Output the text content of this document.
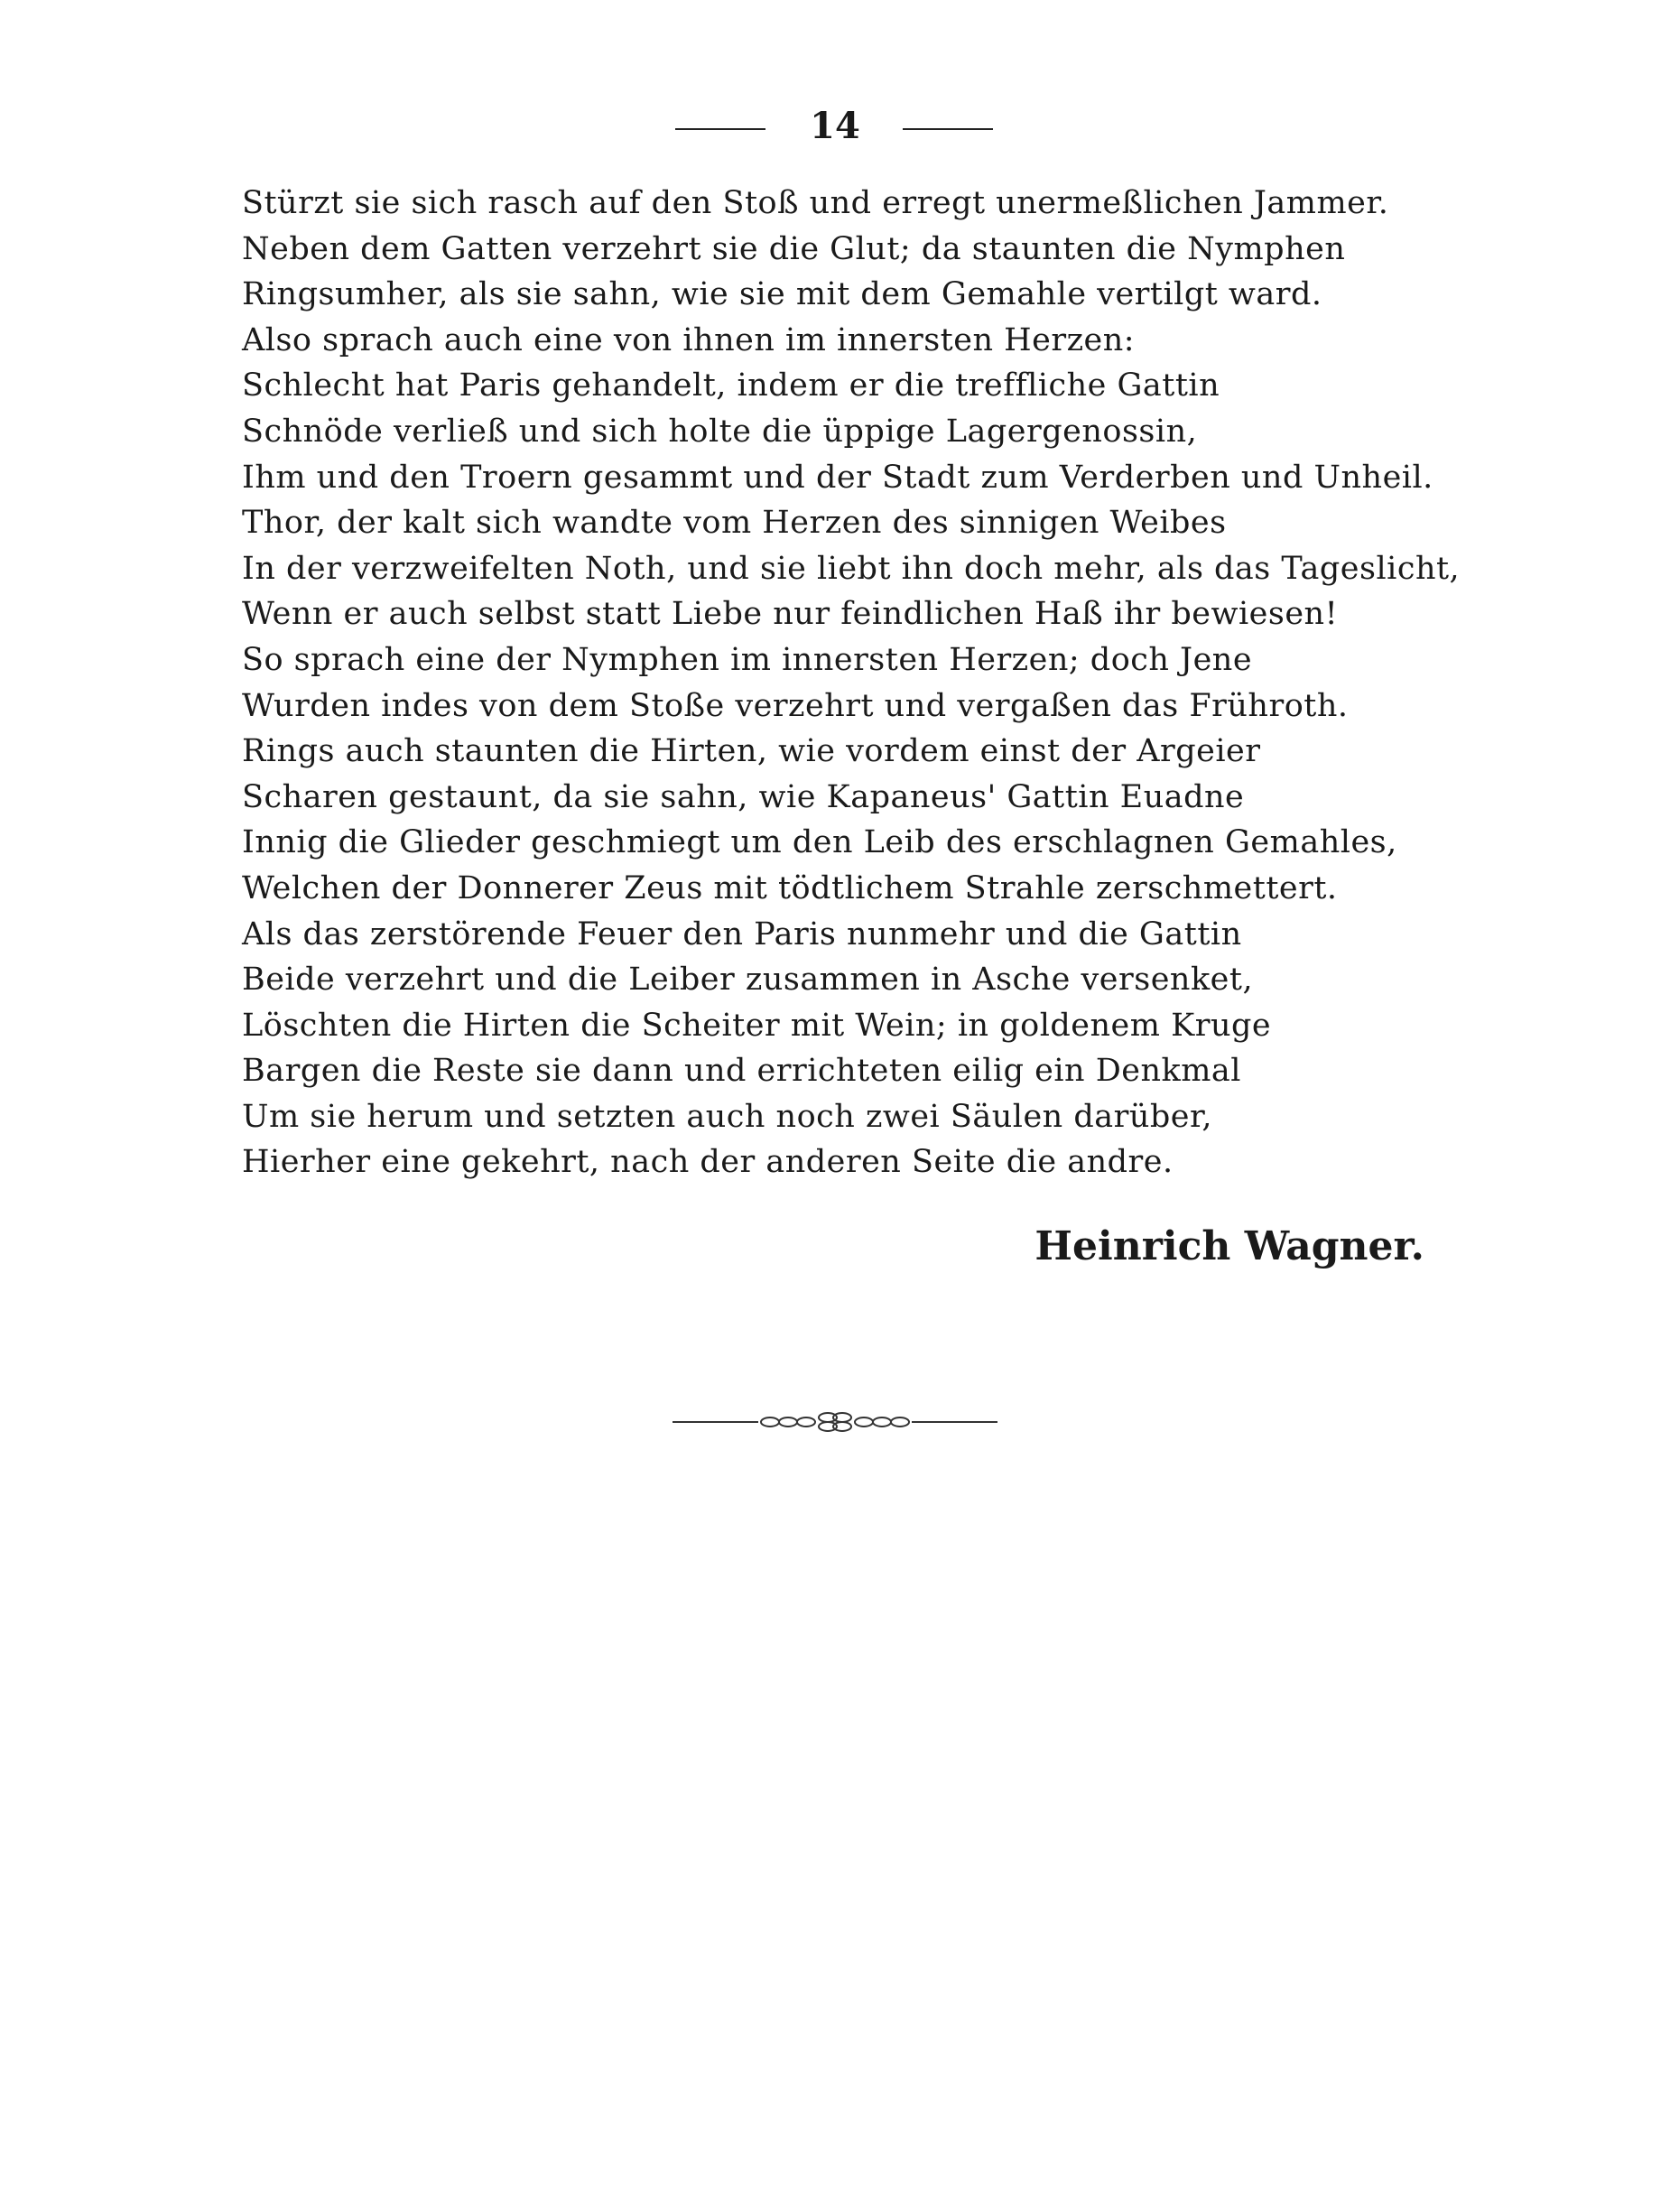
14
Stürzt sie sich rasch auf den Stoß und erregt unermeßlichen Jammer.
Neben dem Gatten verzehrt sie die Glut; da staunten die Nymphen
Ringsumher, als sie sahn, wie sie mit dem Gemahle vertilgt ward.
Also sprach auch eine von ihnen im innersten Herzen:
Schlecht hat Paris gehandelt, indem er die treffliche Gattin
Schnöde verließ und sich holte die üppige Lagergenossin,
Ihm und den Troern gesammt und der Stadt zum Verderben und Unheil.
Thor, der kalt sich wandte vom Herzen des sinnigen Weibes
In der verzweifelten Noth, und sie liebt ihn doch mehr, als das Tageslicht,
Wenn er auch selbst statt Liebe nur feindlichen Haß ihr bewiesen!
So sprach eine der Nymphen im innersten Herzen; doch Jene
Wurden indes von dem Stoße verzehrt und vergaßen das Frühroth.
Rings auch staunten die Hirten, wie vordem einst der Argeier
Scharen gestaunt, da sie sahn, wie Kapaneus' Gattin Euadne
Innig die Glieder geschmiegt um den Leib des erschlagnen Gemahles,
Welchen der Donnerer Zeus mit tödtlichem Strahle zerschmettert.
Als das zerstörende Feuer den Paris nunmehr und die Gattin
Beide verzehrt und die Leiber zusammen in Asche versenket,
Löschten die Hirten die Scheiter mit Wein; in goldenem Kruge
Bargen die Reste sie dann und errichteten eilig ein Denkmal
Um sie herum und setzten auch noch zwei Säulen darüber,
Hierher eine gekehrt, nach der anderen Seite die andre.
Heinrich Wagner.
